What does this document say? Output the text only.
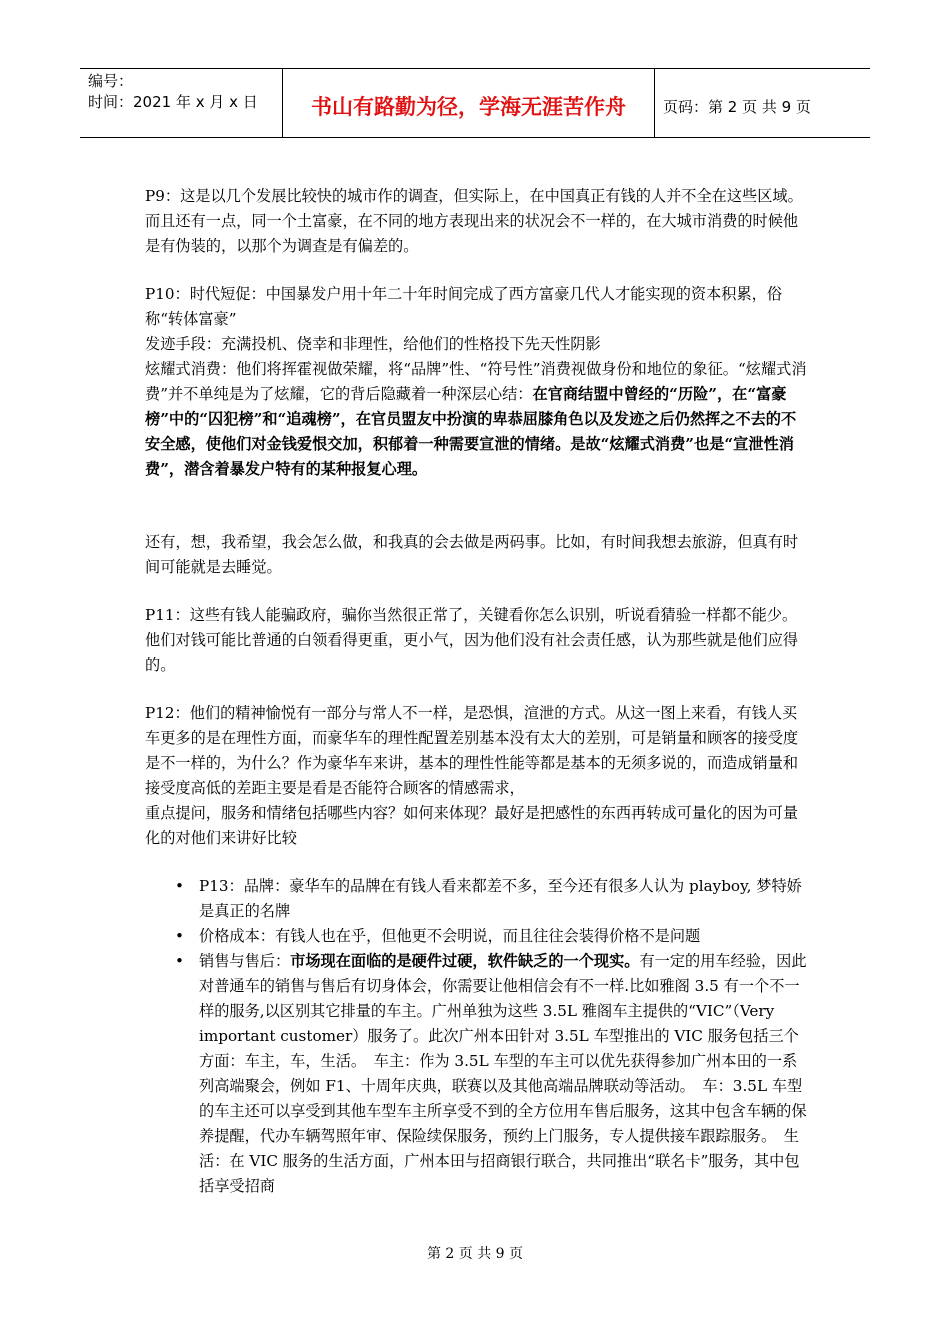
编号：
时间：2021 年 x 月 x 日	书山有路勤为径，学海无涯苦作舟	页码：第 2 页 共 9 页

P9：这是以几个发展比较快的城市作的调查，但实际上，在中国真正有钱的人并不全在这些区域。而且还有一点，同一个土富豪，在不同的地方表现出来的状况会不一样的，在大城市消费的时候他是有伪装的，以那个为调查是有偏差的。

P10：时代短促：中国暴发户用十年二十年时间完成了西方富豪几代人才能实现的资本积累，俗称“转体富豪”

发迹手段：充满投机、侥幸和非理性，给他们的性格投下先天性阴影

炫耀式消费：他们将挥霍视做荣耀，将“品牌”性、“符号性”消费视做身份和地位的象征。“炫耀式消费”并不单纯是为了炫耀，它的背后隐藏着一种深层心结：在官商结盟中曾经的“历险”，在“富豪榜”中的“囚犯榜”和“追魂榜”，在官员盟友中扮演的卑恭屈膝角色以及发迹之后仍然挥之不去的不安全感，使他们对金钱爱恨交加，积郁着一种需要宣泄的情绪。是故“炫耀式消费”也是“宣泄性消费”，潜含着暴发户特有的某种报复心理。

还有，想，我希望，我会怎么做，和我真的会去做是两码事。比如，有时间我想去旅游，但真有时间可能就是去睡觉。

P11：这些有钱人能骗政府，骗你当然很正常了，关键看你怎么识别，听说看猜验一样都不能少。他们对钱可能比普通的白领看得更重，更小气，因为他们没有社会责任感，认为那些就是他们应得的。

P12：他们的精神愉悦有一部分与常人不一样，是恐惧，渲泄的方式。从这一图上来看，有钱人买车更多的是在理性方面，而豪华车的理性配置差别基本没有太大的差别，可是销量和顾客的接受度是不一样的，为什么？作为豪华车来讲，基本的理性性能等都是基本的无须多说的，而造成销量和接受度高低的差距主要是看是否能符合顾客的情感需求，

重点提问，服务和情绪包括哪些内容？如何来体现？最好是把感性的东西再转成可量化的因为可量化的对他们来讲好比较

• P13：品牌：豪华车的品牌在有钱人看来都差不多，至今还有很多人认为 playboy, 梦特娇是真正的名牌
• 价格成本：有钱人也在乎，但他更不会明说，而且往往会装得价格不是问题
• 销售与售后：市场现在面临的是硬件过硬，软件缺乏的一个现实。有一定的用车经验，因此对普通车的销售与售后有切身体会，你需要让他相信会有不一样.比如雅阁 3.5 有一个不一样的服务,以区别其它排量的车主。广州单独为这些 3.5L 雅阁车主提供的“VIC”（Very important customer）服务了。此次广州本田针对 3.5L 车型推出的 VIC 服务包括三个方面：车主，车，生活。　车主：作为 3.5L 车型的车主可以优先获得参加广州本田的一系列高端聚会，例如 F1、十周年庆典，联赛以及其他高端品牌联动等活动。　车：3.5L 车型的车主还可以享受到其他车型车主所享受不到的全方位用车售后服务，这其中包含车辆的保养提醒，代办车辆驾照年审、保险续保服务，预约上门服务，专人提供接车跟踪服务。　生活：在 VIC 服务的生活方面，广州本田与招商银行联合，共同推出“联名卡”服务，其中包括享受招商
第 2 页 共 9 页
